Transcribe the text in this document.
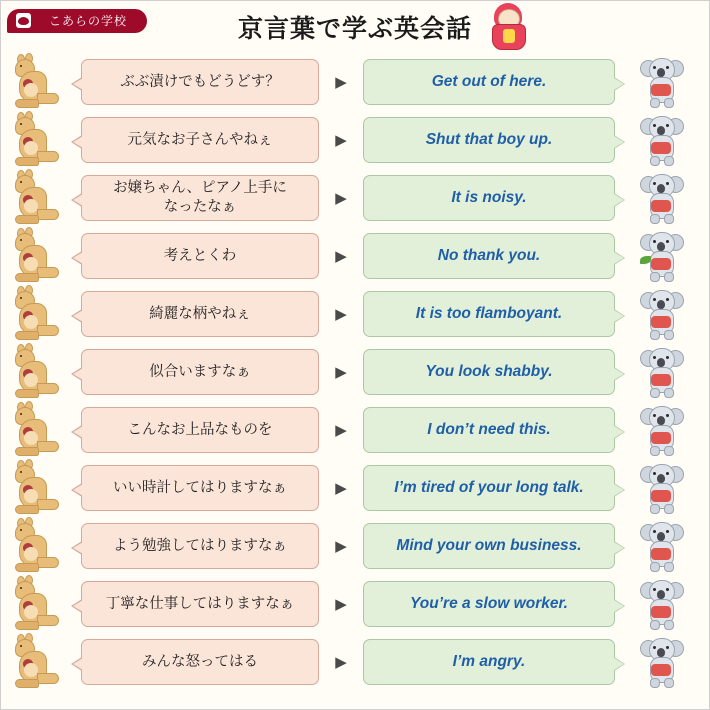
こあらの学校	京言葉で学ぶ英会話
ぶぶ漬けでもどうどす？	▶	Get out of here.
元気なお子さんやねぇ	▶	Shut that boy up.
お嬢ちゃん、ピアノ上手に
なったなぁ	▶	It is noisy.
考えとくわ	▶	No thank you.
綺麗な柄やねぇ	▶	It is too flamboyant.
似合いますなぁ	▶	You look shabby.
こんなお上品なものを	▶	I don’t need this.
いい時計してはりますなぁ	▶	I’m tired of your long talk.
よう勉強してはりますなぁ	▶	Mind your own business.
丁寧な仕事してはりますなぁ	▶	You’re a slow worker.
みんな怒ってはる	▶	I’m angry.
